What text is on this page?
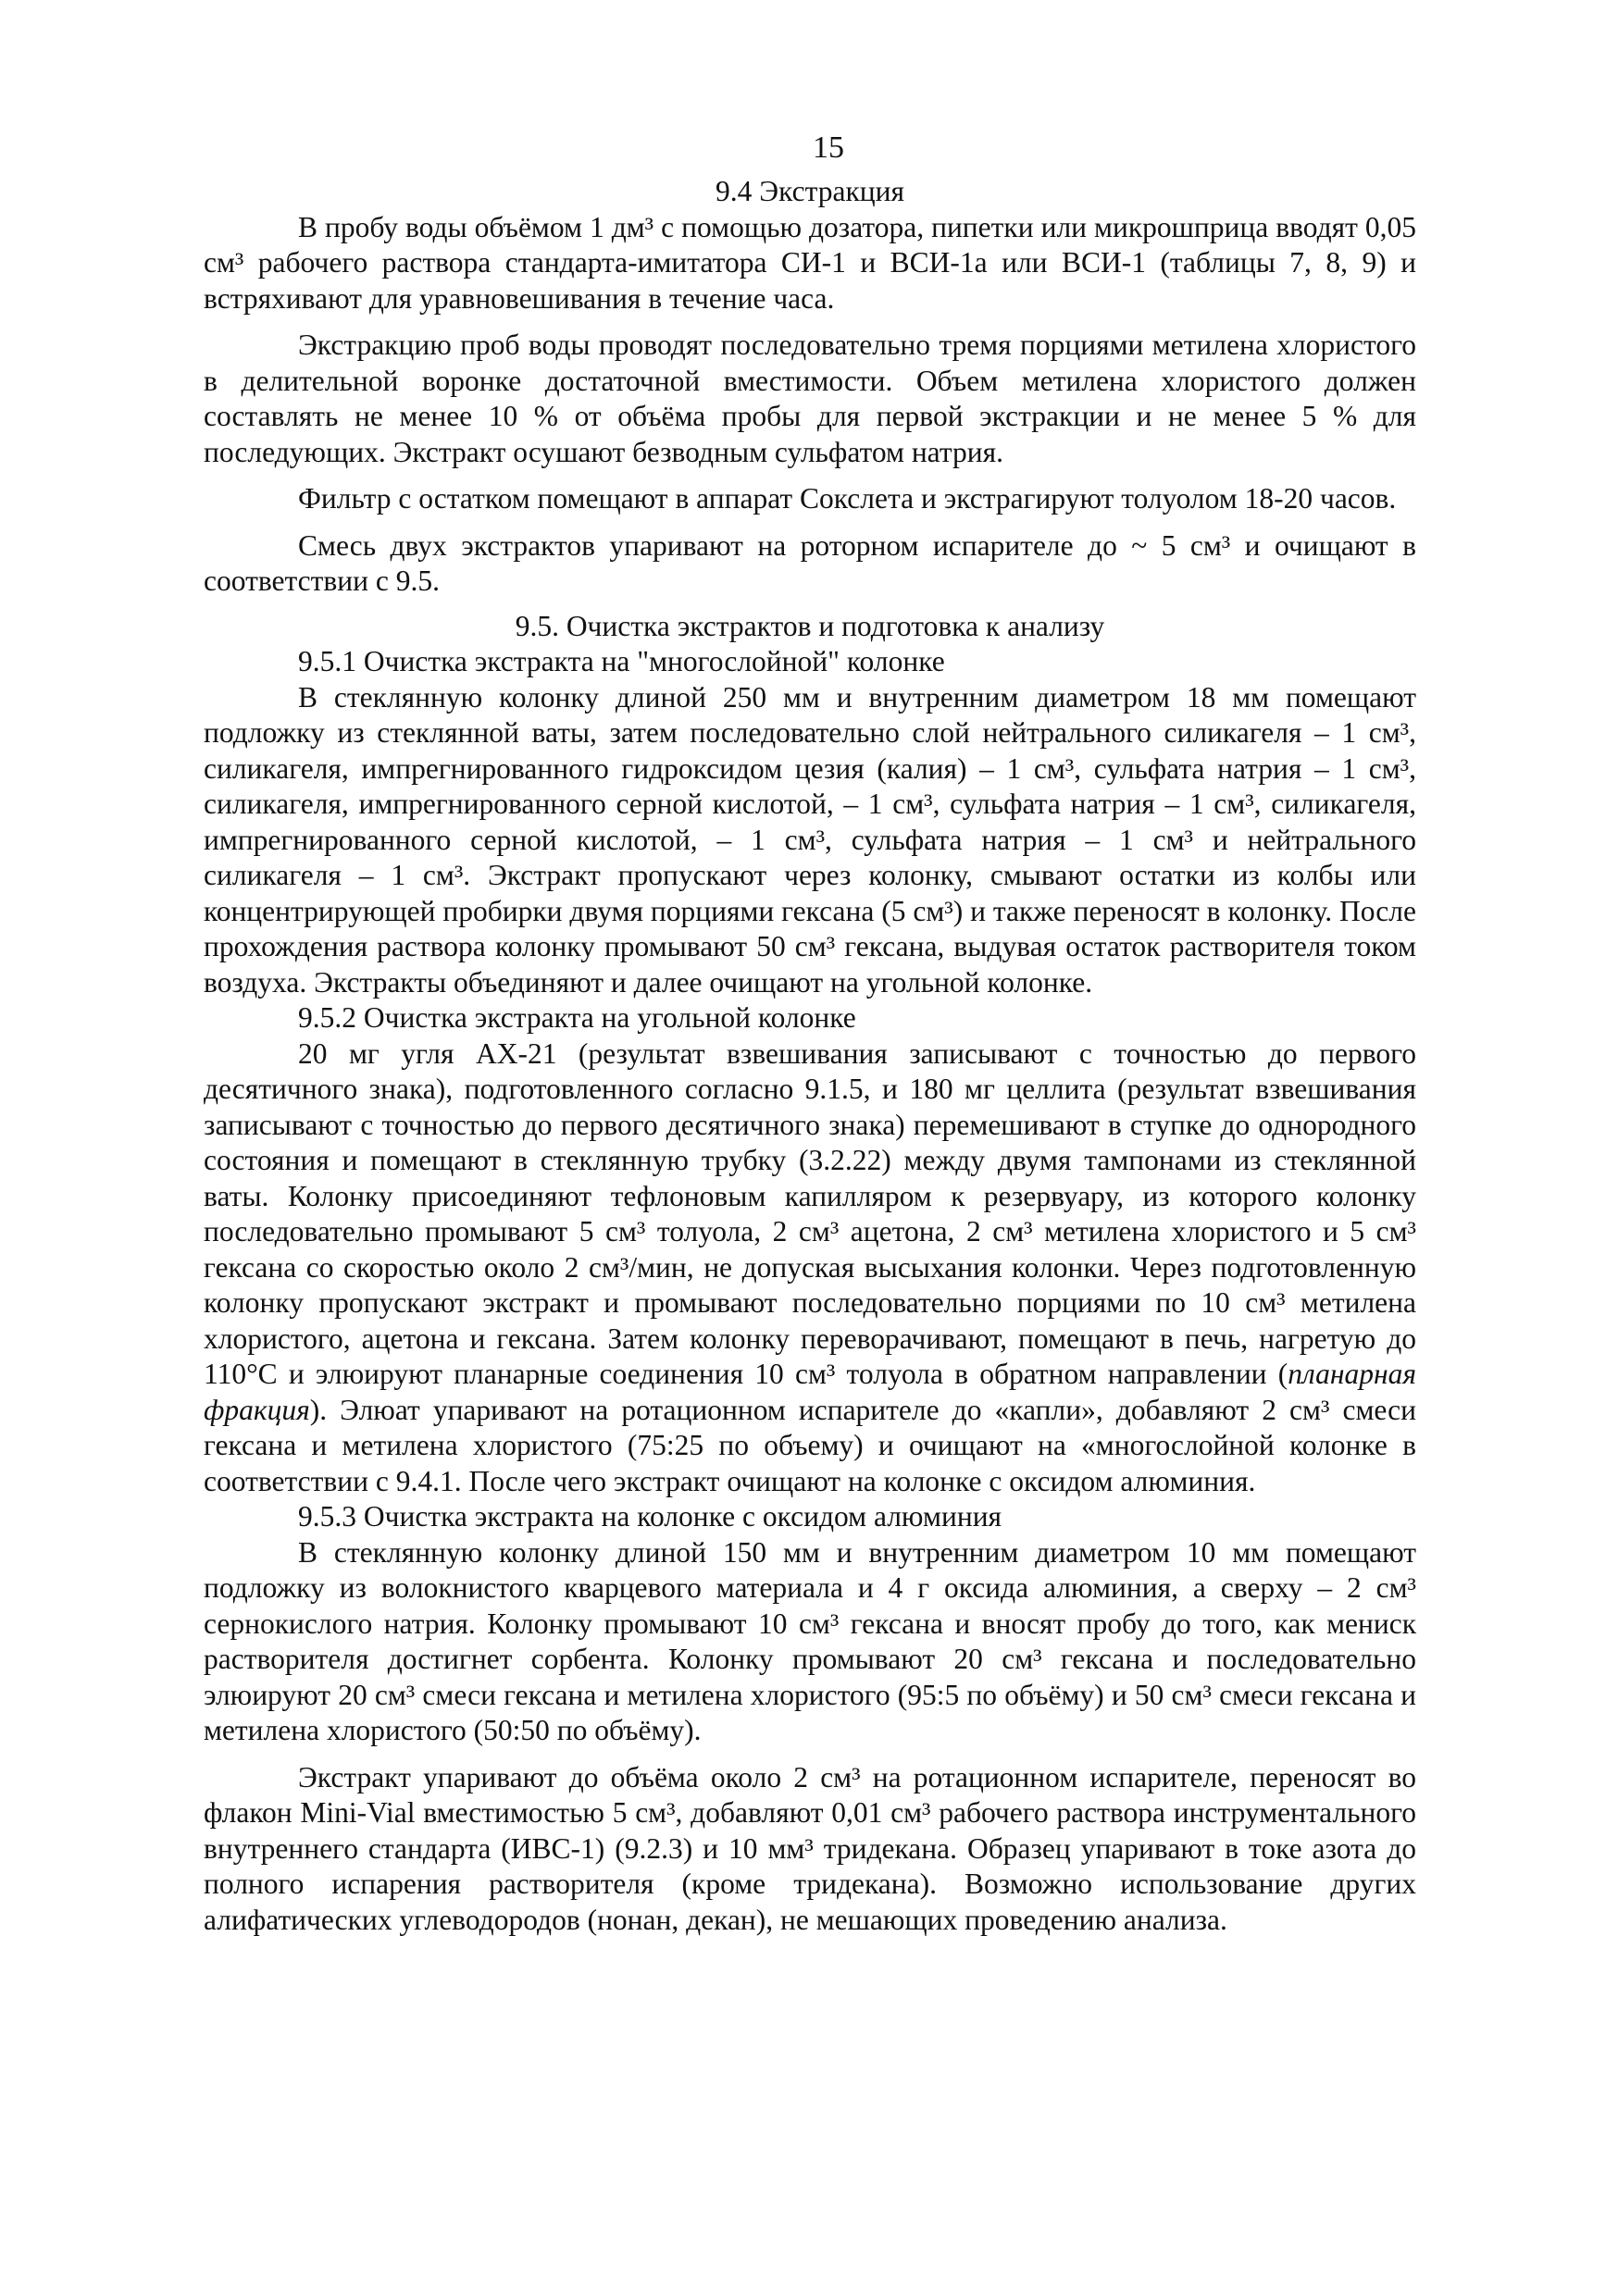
15
9.4 Экстракция

В пробу воды объёмом 1 дм³ с помощью дозатора, пипетки или микрошприца вводят 0,05 см³ рабочего раствора стандарта-имитатора СИ-1 и ВСИ-1а или ВСИ-1 (таблицы 7, 8, 9) и встряхивают для уравновешивания в течение часа.

Экстракцию проб воды проводят последовательно тремя порциями метилена хлористого в делительной воронке достаточной вместимости. Объем метилена хлористого должен составлять не менее 10 % от объёма пробы для первой экстракции и не менее 5 % для последующих. Экстракт осушают безводным сульфатом натрия.

Фильтр с остатком помещают в аппарат Сокслета и экстрагируют толуолом 18-20 часов.

Смесь двух экстрактов упаривают на роторном испарителе до ~ 5 см³ и очищают в соответствии с 9.5.

9.5. Очистка экстрактов и подготовка к анализу
9.5.1 Очистка экстракта на "многослойной" колонке

В стеклянную колонку длиной 250 мм и внутренним диаметром 18 мм помещают подложку из стеклянной ваты, затем последовательно слой нейтрального силикагеля – 1 см³, силикагеля, импрегнированного гидроксидом цезия (калия) – 1 см³, сульфата натрия – 1 см³, силикагеля, импрегнированного серной кислотой, – 1 см³, сульфата натрия – 1 см³, силикагеля, импрегнированного серной кислотой, – 1 см³, сульфата натрия – 1 см³ и нейтрального силикагеля – 1 см³. Экстракт пропускают через колонку, смывают остатки из колбы или концентрирующей пробирки двумя порциями гексана (5 см³) и также переносят в колонку. После прохождения раствора колонку промывают 50 см³ гексана, выдувая остаток растворителя током воздуха. Экстракты объединяют и далее очищают на угольной колонке.

9.5.2 Очистка экстракта на угольной колонке

20 мг угля АХ-21 (результат взвешивания записывают с точностью до первого десятичного знака), подготовленного согласно 9.1.5, и 180 мг целлита (результат взвешивания записывают с точностью до первого десятичного знака) перемешивают в ступке до однородного состояния и помещают в стеклянную трубку (3.2.22) между двумя тампонами из стеклянной ваты. Колонку присоединяют тефлоновым капилляром к резервуару, из которого колонку последовательно промывают 5 см³ толуола, 2 см³ ацетона, 2 см³ метилена хлористого и 5 см³ гексана со скоростью около 2 см³/мин, не допуская высыхания колонки. Через подготовленную колонку пропускают экстракт и промывают последовательно порциями по 10 см³ метилена хлористого, ацетона и гексана. Затем колонку переворачивают, помещают в печь, нагретую до 110°С и элюируют планарные соединения 10 см³ толуола в обратном направлении (планарная фракция). Элюат упаривают на ротационном испарителе до «капли», добавляют 2 см³ смеси гексана и метилена хлористого (75:25 по объему) и очищают на «многослойной колонке в соответствии с 9.4.1. После чего экстракт очищают на колонке с оксидом алюминия.

9.5.3 Очистка экстракта на колонке с оксидом алюминия

В стеклянную колонку длиной 150 мм и внутренним диаметром 10 мм помещают подложку из волокнистого кварцевого материала и 4 г оксида алюминия, а сверху – 2 см³ сернокислого натрия. Колонку промывают 10 см³ гексана и вносят пробу до того, как мениск растворителя достигнет сорбента. Колонку промывают 20 см³ гексана и последовательно элюируют 20 см³ смеси гексана и метилена хлористого (95:5 по объёму) и 50 см³ смеси гексана и метилена хлористого (50:50 по объёму).

Экстракт упаривают до объёма около 2 см³ на ротационном испарителе, переносят во флакон Mini-Vial вместимостью 5 см³, добавляют 0,01 см³ рабочего раствора инструментального внутреннего стандарта (ИВС-1) (9.2.3) и 10 мм³ тридекана. Образец упаривают в токе азота до полного испарения растворителя (кроме тридекана). Возможно использование других алифатических углеводородов (нонан, декан), не мешающих проведению анализа.
